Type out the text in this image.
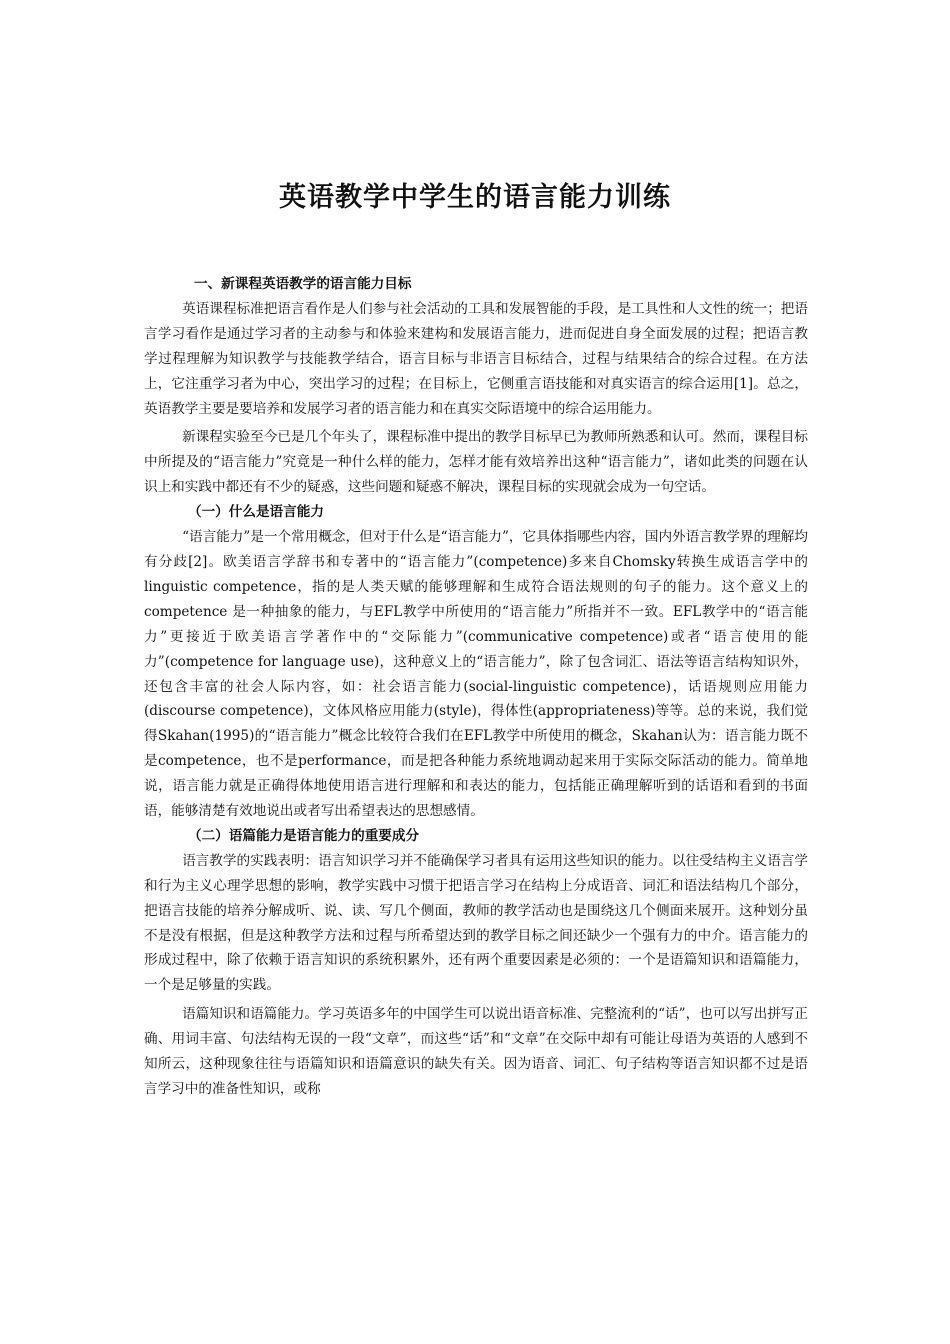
英语教学中学生的语言能力训练
一、新课程英语教学的语言能力目标

英语课程标准把语言看作是人们参与社会活动的工具和发展智能的手段，是工具性和人文性的统一；把语言学习看作是通过学习者的主动参与和体验来建构和发展语言能力，进而促进自身全面发展的过程；把语言教学过程理解为知识教学与技能教学结合，语言目标与非语言目标结合，过程与结果结合的综合过程。在方法上，它注重学习者为中心，突出学习的过程；在目标上，它侧重言语技能和对真实语言的综合运用[1]。总之，英语教学主要是要培养和发展学习者的语言能力和在真实交际语境中的综合运用能力。

新课程实验至今已是几个年头了，课程标准中提出的教学目标早已为教师所熟悉和认可。然而，课程目标中所提及的“语言能力”究竟是一种什么样的能力，怎样才能有效培养出这种“语言能力”，诸如此类的问题在认识上和实践中都还有不少的疑惑，这些问题和疑惑不解决，课程目标的实现就会成为一句空话。

（一）什么是语言能力

“语言能力”是一个常用概念，但对于什么是“语言能力”，它具体指哪些内容，国内外语言教学界的理解均有分歧[2]。欧美语言学辞书和专著中的“语言能力”(competence)多来自Chomsky转换生成语言学中的linguistic competence，指的是人类天赋的能够理解和生成符合语法规则的句子的能力。这个意义上的 competence 是一种抽象的能力，与EFL教学中所使用的“语言能力”所指并不一致。EFL教学中的“语言能力”更接近于欧美语言学著作中的“交际能力”(communicative competence)或者“语言使用的能力”(competence for language use)，这种意义上的“语言能力”，除了包含词汇、语法等语言结构知识外，还包含丰富的社会人际内容，如：社会语言能力(social-linguistic competence)，话语规则应用能力(discourse competence)，文体风格应用能力(style)，得体性(appropriateness)等等。总的来说，我们觉得Skahan(1995)的“语言能力”概念比较符合我们在EFL教学中所使用的概念，Skahan认为：语言能力既不是competence，也不是performance，而是把各种能力系统地调动起来用于实际交际活动的能力。简单地说，语言能力就是正确得体地使用语言进行理解和和表达的能力，包括能正确理解听到的话语和看到的书面语，能够清楚有效地说出或者写出希望表达的思想感情。

（二）语篇能力是语言能力的重要成分

语言教学的实践表明：语言知识学习并不能确保学习者具有运用这些知识的能力。以往受结构主义语言学和行为主义心理学思想的影响，教学实践中习惯于把语言学习在结构上分成语音、词汇和语法结构几个部分，把语言技能的培养分解成听、说、读、写几个侧面，教师的教学活动也是围绕这几个侧面来展开。这种划分虽不是没有根据，但是这种教学方法和过程与所希望达到的教学目标之间还缺少一个强有力的中介。语言能力的形成过程中，除了依赖于语言知识的系统积累外，还有两个重要因素是必须的：一个是语篇知识和语篇能力，一个是足够量的实践。

语篇知识和语篇能力。学习英语多年的中国学生可以说出语音标准、完整流利的“话”，也可以写出拼写正确、用词丰富、句法结构无误的一段“文章”，而这些“话”和“文章”在交际中却有可能让母语为英语的人感到不知所云，这种现象往往与语篇知识和语篇意识的缺失有关。因为语音、词汇、句子结构等语言知识都不过是语言学习中的准备性知识，或称
